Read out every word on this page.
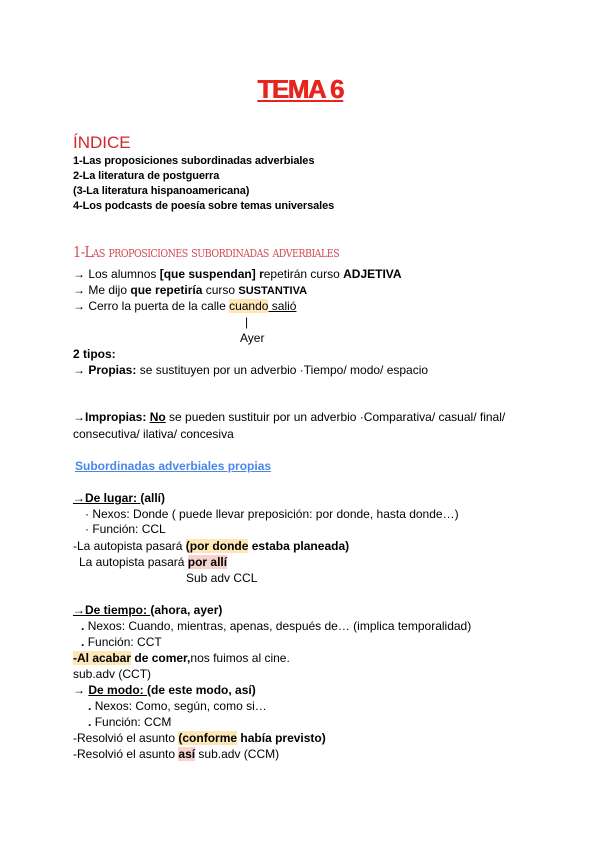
TEMA 6
ÍNDICE
1-Las proposiciones subordinadas adverbiales
2-La literatura de postguerra
(3-La literatura hispanoamericana)
4-Los podcasts de poesía sobre temas universales
1-Las proposiciones subordinadas adverbiales
→ Los alumnos [que suspendan] repetirán curso ADJETIVA
→ Me dijo que repetiría curso SUSTANTIVA
→ Cerro la puerta de la calle cuando salió
|
Ayer
2 tipos:
→ Propias: se sustituyen por un adverbio ·Tiempo/ modo/ espacio
→Impropias: No se pueden sustituir por un adverbio ·Comparativa/ casual/ final/
consecutiva/ ilativa/ concesiva
Subordinadas adverbiales propias
→De lugar: (allí)
· Nexos: Donde ( puede llevar preposición: por donde, hasta donde…)
· Función: CCL
-La autopista pasará (por donde estaba planeada)
La autopista pasará por allí
Sub adv CCL
→De tiempo: (ahora, ayer)
. Nexos: Cuando, mientras, apenas, después de… (implica temporalidad)
. Función: CCT
-Al acabar de comer,nos fuimos al cine.
sub.adv (CCT)
→ De modo: (de este modo, así)
. Nexos: Como, según, como si…
. Función: CCM
-Resolvió el asunto (conforme había previsto)
-Resolvió el asunto así sub.adv (CCM)
